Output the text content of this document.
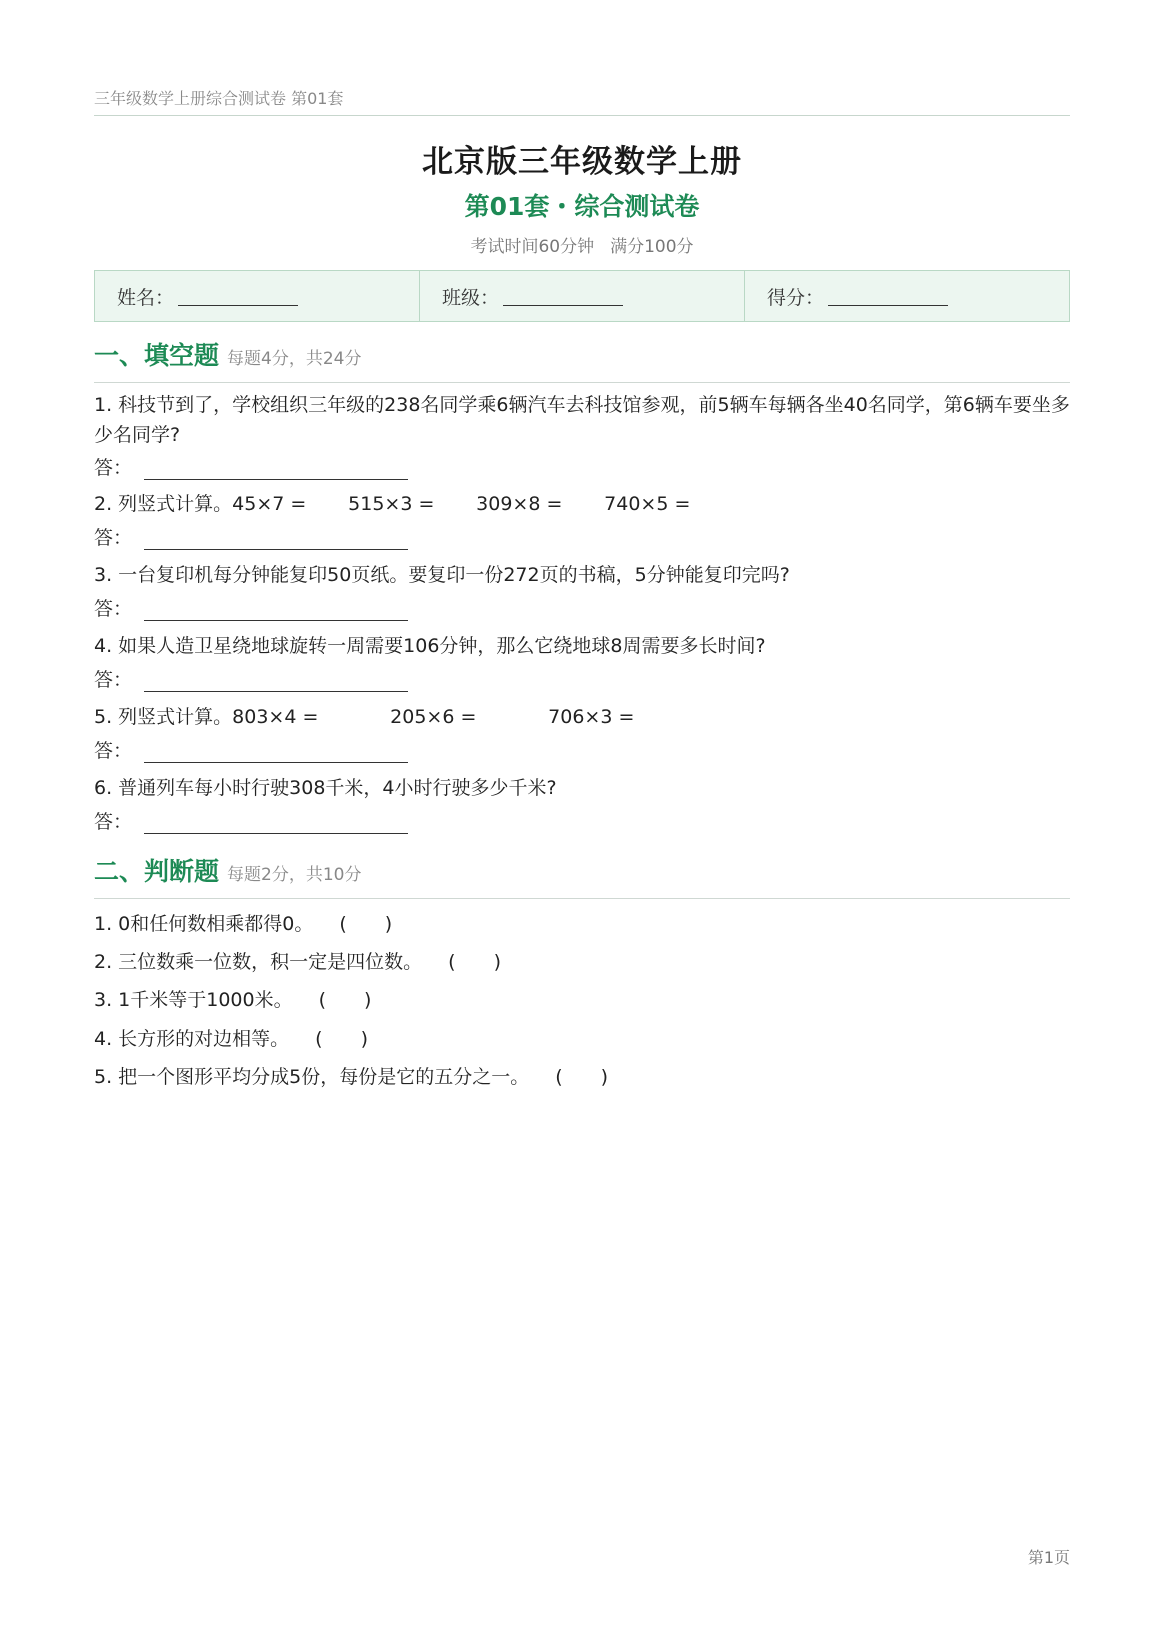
三年级数学上册综合测试卷 第01套
北京版三年级数学上册
第01套・综合测试卷
考试时间60分钟 满分100分
姓名：	班级：	得分：
一、填空题 每题4分，共24分
1. 科技节到了，学校组织三年级的238名同学乘6辆汽车去科技馆参观，前5辆车每辆各坐40名同学，第6辆车要坐多少名同学?
答：
2. 列竖式计算。45×7 = 515×3 = 309×8 = 740×5 =
答：
3. 一台复印机每分钟能复印50页纸。要复印一份272页的书稿，5分钟能复印完吗?
答：
4. 如果人造卫星绕地球旋转一周需要106分钟，那么它绕地球8周需要多长时间?
答：
5. 列竖式计算。803×4 =	205×6 =	706×3 =
答：
6. 普通列车每小时行驶308千米，4小时行驶多少千米?
答：
二、判断题 每题2分，共10分
1. 0和任何数相乘都得0。 (　　)
2. 三位数乘一位数，积一定是四位数。 (　　)
3. 1千米等于1000米。 (　　)
4. 长方形的对边相等。 (　　)
5. 把一个图形平均分成5份，每份是它的五分之一。 (　　)
第1页
